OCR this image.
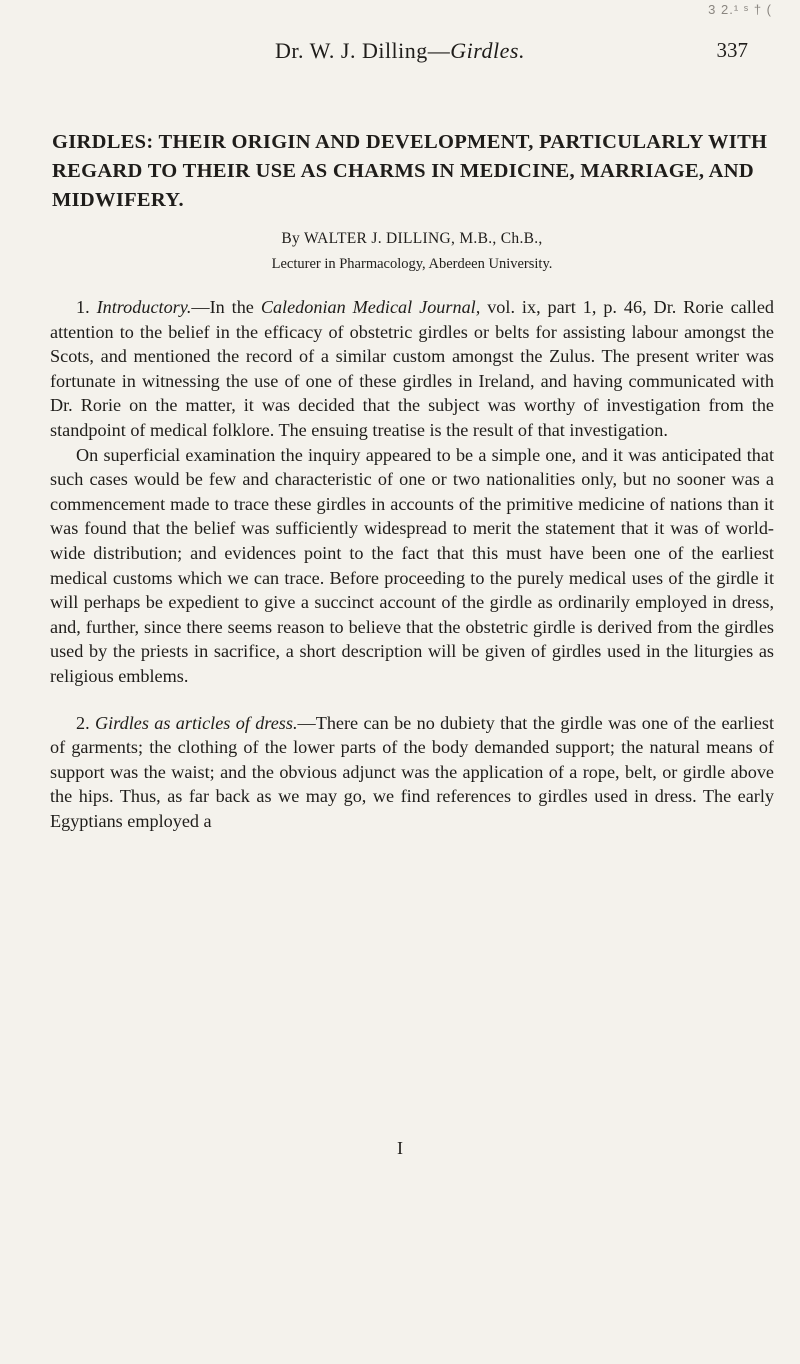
3 2.¹ ˢ † (
Dr. W. J. Dilling—Girdles.	337
GIRDLES: THEIR ORIGIN AND DEVELOPMENT, PARTICULARLY WITH REGARD TO THEIR USE AS CHARMS IN MEDICINE, MARRIAGE, AND MIDWIFERY.
By WALTER J. DILLING, M.B., Ch.B.,
Lecturer in Pharmacology, Aberdeen University.

1. Introductory.—In the Caledonian Medical Journal, vol. ix, part 1, p. 46, Dr. Rorie called attention to the belief in the efficacy of obstetric girdles or belts for assisting labour amongst the Scots, and mentioned the record of a similar custom amongst the Zulus. The present writer was fortunate in witnessing the use of one of these girdles in Ireland, and having communicated with Dr. Rorie on the matter, it was decided that the subject was worthy of investigation from the standpoint of medical folklore. The ensuing treatise is the result of that investigation.

On superficial examination the inquiry appeared to be a simple one, and it was anticipated that such cases would be few and characteristic of one or two nationalities only, but no sooner was a commencement made to trace these girdles in accounts of the primitive medicine of nations than it was found that the belief was sufficiently widespread to merit the statement that it was of world-wide distribution; and evidences point to the fact that this must have been one of the earliest medical customs which we can trace. Before proceeding to the purely medical uses of the girdle it will perhaps be expedient to give a succinct account of the girdle as ordinarily employed in dress, and, further, since there seems reason to believe that the obstetric girdle is derived from the girdles used by the priests in sacrifice, a short description will be given of girdles used in the liturgies as religious emblems.

2. Girdles as articles of dress.—There can be no dubiety that the girdle was one of the earliest of garments; the clothing of the lower parts of the body demanded support; the natural means of support was the waist; and the obvious adjunct was the application of a rope, belt, or girdle above the hips. Thus, as far back as we may go, we find references to girdles used in dress. The early Egyptians employed a

I
